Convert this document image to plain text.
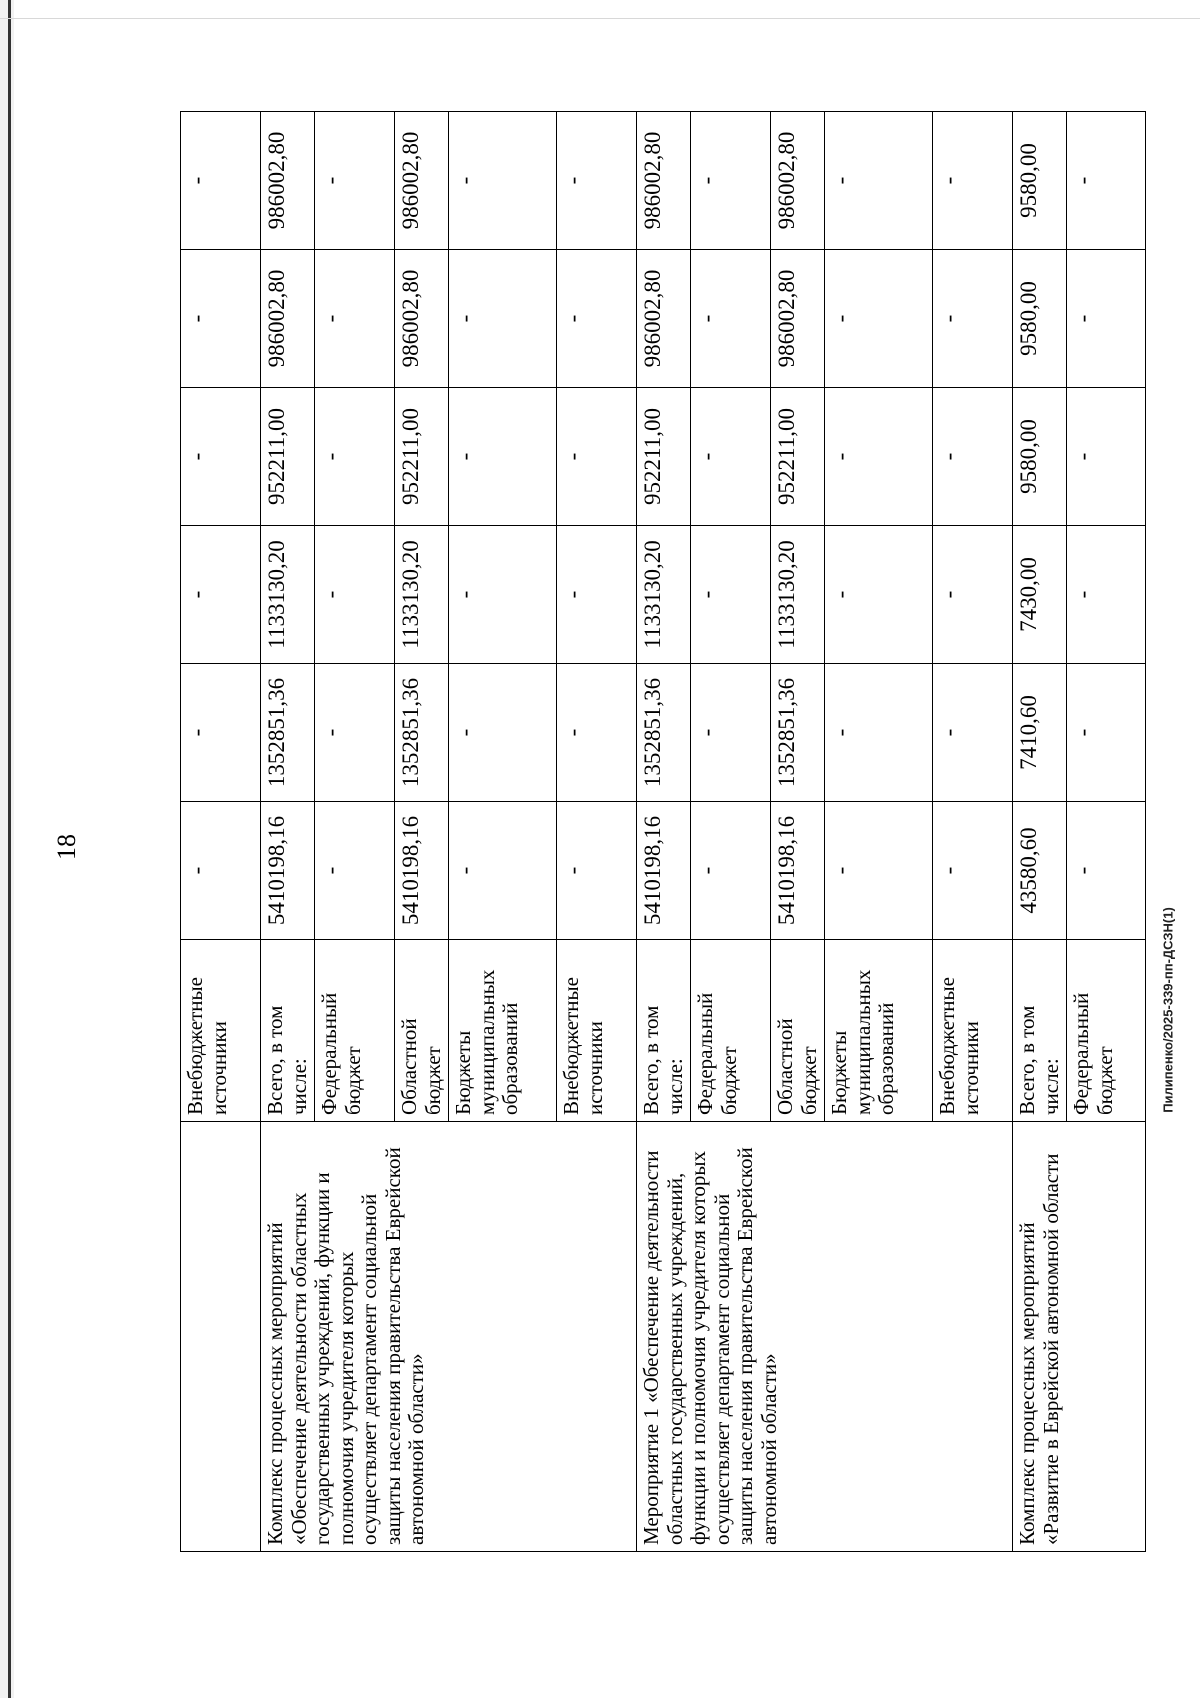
18
Пилипенко/2025-339-пп-ДСЗН(1)
	Внебюджетные источники	-	-	-	-	-	-
Комплекс процессных мероприятий «Обеспечение деятельности областных государственных учреждений, функции и полномочия учредителя которых осуществляет департамент социальной защиты населения правительства Еврейской автономной области»	Всего, в том числе:	5410198,16	1352851,36	1133130,20	952211,00	986002,80	986002,80
	Федеральный бюджет	-	-	-	-	-	-
	Областной бюджет	5410198,16	1352851,36	1133130,20	952211,00	986002,80	986002,80
	Бюджеты муниципальных образований	-	-	-	-	-	-
	Внебюджетные источники	-	-	-	-	-	-
Мероприятие 1 «Обеспечение деятельности областных государственных учреждений, функции и полномочия учредителя которых осуществляет департамент социальной защиты населения правительства Еврейской автономной области»	Всего, в том числе:	5410198,16	1352851,36	1133130,20	952211,00	986002,80	986002,80
	Федеральный бюджет	-	-	-	-	-	-
	Областной бюджет	5410198,16	1352851,36	1133130,20	952211,00	986002,80	986002,80
	Бюджеты муниципальных образований	-	-	-	-	-	-
	Внебюджетные источники	-	-	-	-	-	-
Комплекс процессных мероприятий «Развитие в Еврейской автономной области	Всего, в том числе:	43580,60	7410,60	7430,00	9580,00	9580,00	9580,00
	Федеральный бюджет	-	-	-	-	-	-
